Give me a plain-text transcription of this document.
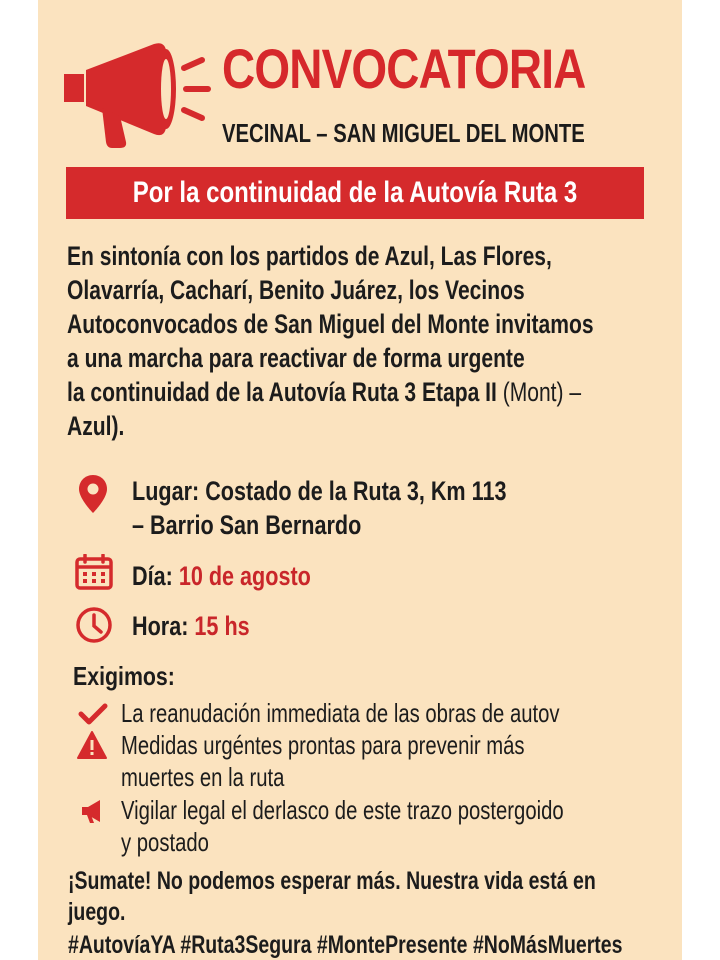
CONVOCATORIA
VECINAL – SAN MIGUEL DEL MONTE
Por la continuidad de la Autovía Ruta 3
En sintonía con los partidos de Azul, Las Flores,
Olavarría, Cacharí, Benito Juárez, los Vecinos
Autoconvocados de San Miguel del Monte invitamos
a una marcha para reactivar de forma urgente
la continuidad de la Autovía Ruta 3 Etapa II (Mont) –
Azul).
Lugar: Costado de la Ruta 3, Km 113
– Barrio San Bernardo
Día: 10 de agosto
Hora: 15 hs
Exigimos:
La reanudación immediata de las obras de autov
Medidas urgéntes prontas para prevenir más
muertes en la ruta
Vigilar legal el derlasco de este trazo postergoido
y postado
¡Sumate! No podemos esperar más. Nuestra vida está en
juego.
#AutovíaYA #Ruta3Segura #MontePresente #NoMásMuertes
